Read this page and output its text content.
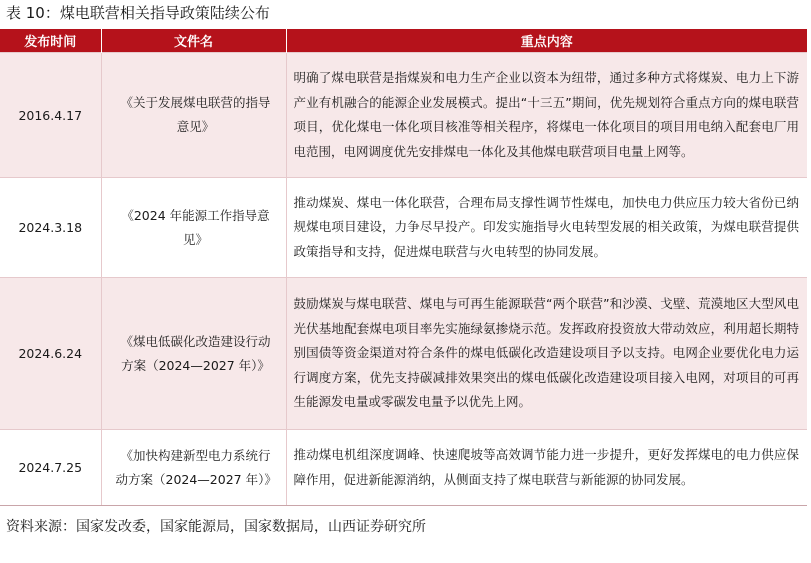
表 10：煤电联营相关指导政策陆续公布
发布时间	文件名	重点内容
2016.4.17	《关于发展煤电联营的指导意见》	明确了煤电联营是指煤炭和电力生产企业以资本为纽带，通过多种方式将煤炭、电力上下游产业有机融合的能源企业发展模式。提出“十三五”期间，优先规划符合重点方向的煤电联营项目，优化煤电一体化项目核准等相关程序，将煤电一体化项目的项目用电纳入配套电厂用电范围，电网调度优先安排煤电一体化及其他煤电联营项目电量上网等。
2024.3.18	《2024 年能源工作指导意见》	推动煤炭、煤电一体化联营，合理布局支撑性调节性煤电，加快电力供应压力较大省份已纳规煤电项目建设，力争尽早投产。印发实施指导火电转型发展的相关政策，为煤电联营提供政策指导和支持，促进煤电联营与火电转型的协同发展。
2024.6.24	《煤电低碳化改造建设行动方案（2024—2027 年）》	鼓励煤炭与煤电联营、煤电与可再生能源联营“两个联营”和沙漠、戈壁、荒漠地区大型风电光伏基地配套煤电项目率先实施绿氨掺烧示范。发挥政府投资放大带动效应，利用超长期特别国债等资金渠道对符合条件的煤电低碳化改造建设项目予以支持。电网企业要优化电力运行调度方案，优先支持碳减排效果突出的煤电低碳化改造建设项目接入电网，对项目的可再生能源发电量或零碳发电量予以优先上网。
2024.7.25	《加快构建新型电力系统行动方案（2024—2027 年）》	推动煤电机组深度调峰、快速爬坡等高效调节能力进一步提升，更好发挥煤电的电力供应保障作用，促进新能源消纳，从侧面支持了煤电联营与新能源的协同发展。
资料来源：国家发改委，国家能源局，国家数据局，山西证券研究所
